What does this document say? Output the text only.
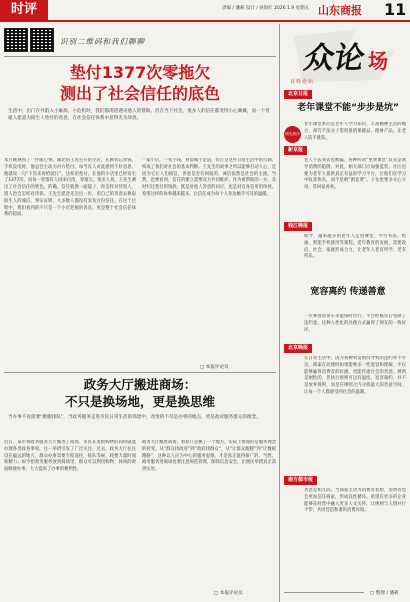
时评	责编 / 潘莉 设计 / 孙海红 2026.1.9 星期五 山东商报 11
识别二维码和我们聊聊
垫付1377次零拖欠
测出了社会信任的底色
生活中，出门在外陷入小麻烦、小危机时，我们都渴望遇见他人的帮助。但在当下社会，很多人的信任都变得小心翼翼，而一个普通人愿意为陌生人垫付的善意，在社会信任体系中显得尤为珍贵。
本月刚遇到了一件暖心事。湖北的王先生开的小店，在顾客忘带钱、手机没电时，他总会主动为对方垫付。每当有人对此感到不好意思，他就说一句“下次来再给就行”。这样的垫付，在他的小店里已经发生了1377次，而每一笔都有人回来付清，零拖欠。很多人说，王先生测出了社会信任的底色。的确，信任就像一面镜子，你怎样对待别人，别人也会怎样对待你。王先生愿意先迈出一步，用自己的善意去换取陌生人的诚信，事实证明，大多数人都没有辜负这份信任。在这个过程中，我们看到的不只是一个小店老板的善良，更是整个社会信任体系的稳固。
一家小店，一笔小钱，看似微不足道，但正是这些日常生活中的点滴，构成了我们对社会的基本判断。王先生的故事之所以能够打动人心，是因为它让人们相信，善意是会有回报的，诚信依然是社会的主流。当然，也要看到，信任的建立需要双方共同维护。作为被帮助的一方，及时归还垫付的钱款，既是对他人善意的回应，也是对自身信用的珍视。希望这样的故事越来越多，让信任成为每个人身边触手可及的温暖。
□ 本报评论员
政务大厅搬进商场：
不只是换场地，更是换思维
当办事不再需要“跑腿排队”，当政务服务走进市民日常生活的场景中，改变的不仅是办事的地点，更是政府服务群众的理念。
近日，某市将政务服务大厅搬进了商场，市民在逛街购物的同时就能办理各类政务事项，这一举措引发了广泛关注。过去，政务大厅往往设在偏远的地方，群众办事需要专程前往，排队等候，耗费大量时间和精力。如今把政务服务放到商场里，群众可以利用购物、休闲的时间顺便办事，大大提高了办事的便利性。
政务大厅搬进商场，看似只是换了一个地方，实际上体现的是服务理念的转变。从“群众找政府”到“政府找群众”，从“让群众跑腿”到“让数据跑路”，这种以人民为中心的服务思维，才是真正值得推广的。当然，政务服务进商场也要注意规范管理，保障信息安全，让便民举措真正落到实处。
□ 本报评论员
众论 场
百姓论坛
北京日报
老年课堂不能“步步是坑”
网友热评
老年课堂本应是老年人学习知识、丰富精神生活的地方，却有不法分子借机推销保健品、理财产品，让老人防不胜防。
新京报
老人不去我去也被骗，各种所谓“免费课堂”其实是诱导消费的陷阱。对此，相关部门应加强监管，社区也要为老年人提供真正有益的学习平台，让他们在学习中收获快乐，而不是被“割韭菜”。子女也要多关心父母，常回家看看。
钱江晚报
如今，越来越多的老年人走进课堂，学习书法、绘画、智能手机使用等课程。老年教育的发展，需要政府、社会、家庭形成合力，让老年人老有所学、老有所乐。
宽容离约 传递善意
一位乘客因误车未能按时出行，平台经核实后免除了违约金。这种人性化的处理方式赢得了网友的一致好评。
北京晚报
在日常生活中，因为各种突发情况导致的违约并不少见。商家在处理时如果能够多一些宽容和理解，不仅能够赢得消费者的好感，更能传递社会的善意。规则是刚性的，但执行规则可以有温度。宽容离约，并不是放弃规则，而是在规则之内寻找最大的善意空间，让每一个人都感受到社会的温暖。
南方都市报
善意是相互的。当商家主动为消费者着想，消费者也会更加信任商家，形成良性循环。希望有更多的企业能够在经营中融入更多人文关怀，让规则与人情并行不悖，共同营造和谐的消费环境。
□ 整理 / 潘莉
